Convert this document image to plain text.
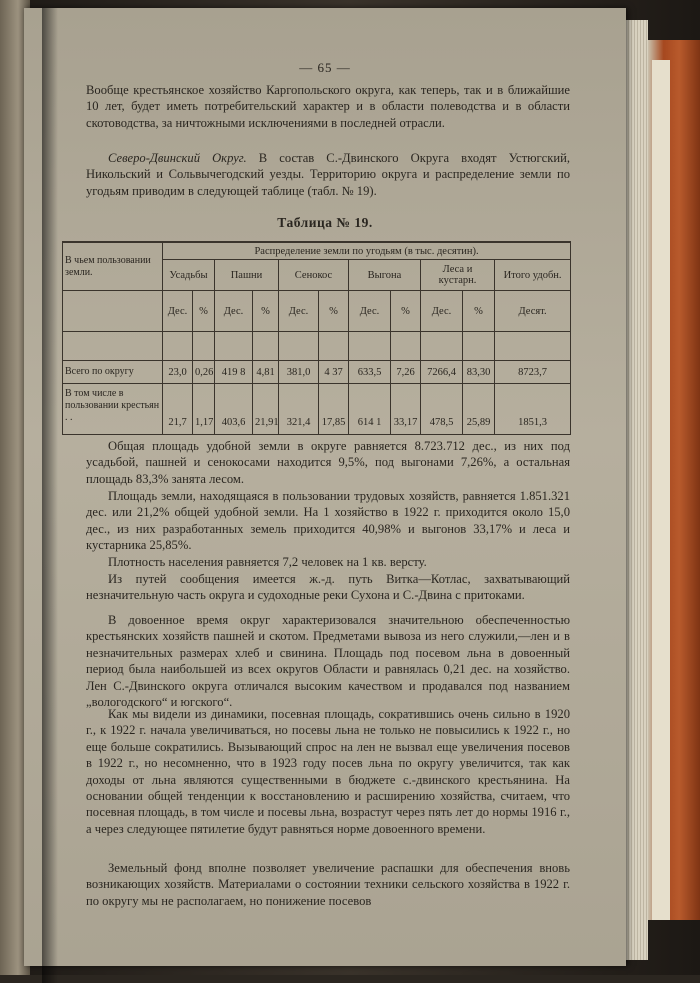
— 65 —

Вообще крестьянское хозяйство Каргопольского округа, как теперь, так и в ближайшие 10 лет, будет иметь потребительский характер и в области полеводства и в области скотоводства, за ничтожными исключениями в последней отрасли.

Северо-Двинский Округ. В состав С.-Двинского Округа входят Устюгский, Никольский и Сольвычегодский уезды. Территорию округа и распределение земли по угодьям приводим в следующей таблице (табл. № 19).

Таблица № 19.
В чьем пользовании земли.	Распределение земли по угодьям (в тыс. десятин).										
	Усадьбы		Пашни		Сенокос		Выгона		Леса и кустарн.		Итого удобн.
	Дес.	%	Дес.	%	Дес.	%	Дес.	%	Дес.	%	Десят.

Всего по округу	23,0	0,26	419 8	4,81	381,0	4 37	633,5	7,26	7266,4	83,30	8723,7
В том числе в пользовании крестьян . .	21,7	1,17	403,6	21,91	321,4	17,85	614 1	33,17	478,5	25,89	1851,3

Общая площадь удобной земли в округе равняется 8.723.712 дес., из них под усадьбой, пашней и сенокосами находится 9,5%, под выгонами 7,26%, а остальная площадь 83,3% занята лесом.

Площадь земли, находящаяся в пользовании трудовых хозяйств, равняется 1.851.321 дес. или 21,2% общей удобной земли. На 1 хозяйство в 1922 г. приходится около 15,0 дес., из них разработанных земель приходится 40,98% и выгонов 33,17% и леса и кустарника 25,85%.

Плотность населения равняется 7,2 человек на 1 кв. версту.

Из путей сообщения имеется ж.-д. путь Витка—Котлас, захватывающий незначительную часть округа и судоходные реки Сухона и С.-Двина с притоками.

В довоенное время округ характеризовался значительною обеспеченностью крестьянских хозяйств пашней и скотом. Предметами вывоза из него служили,—лен и в незначительных размерах хлеб и свинина. Площадь под посевом льна в довоенный период была наибольшей из всех округов Области и равнялась 0,21 дес. на хозяйство. Лен С.-Двинского округа отличался высоким качеством и продавался под названием „вологодского“ и югского“.

Как мы видели из динамики, посевная площадь, сократившись очень сильно в 1920 г., к 1922 г. начала увеличиваться, но посевы льна не только не повысились к 1922 г., но еще больше сократились. Вызывающий спрос на лен не вызвал еще увеличения посевов в 1922 г., но несомненно, что в 1923 году посев льна по округу увеличится, так как доходы от льна являются существенными в бюджете с.-двинского крестьянина. На основании общей тенденции к восстановлению и расширению хозяйства, считаем, что посевная площадь, в том числе и посевы льна, возрастут через пять лет до нормы 1916 г., а через следующее пятилетие будут равняться норме довоенного времени.

Земельный фонд вполне позволяет увеличение распашки для обеспечения вновь возникающих хозяйств. Материалами о состоянии техники сельского хозяйства в 1922 г. по округу мы не располагаем, но понижение посевов
